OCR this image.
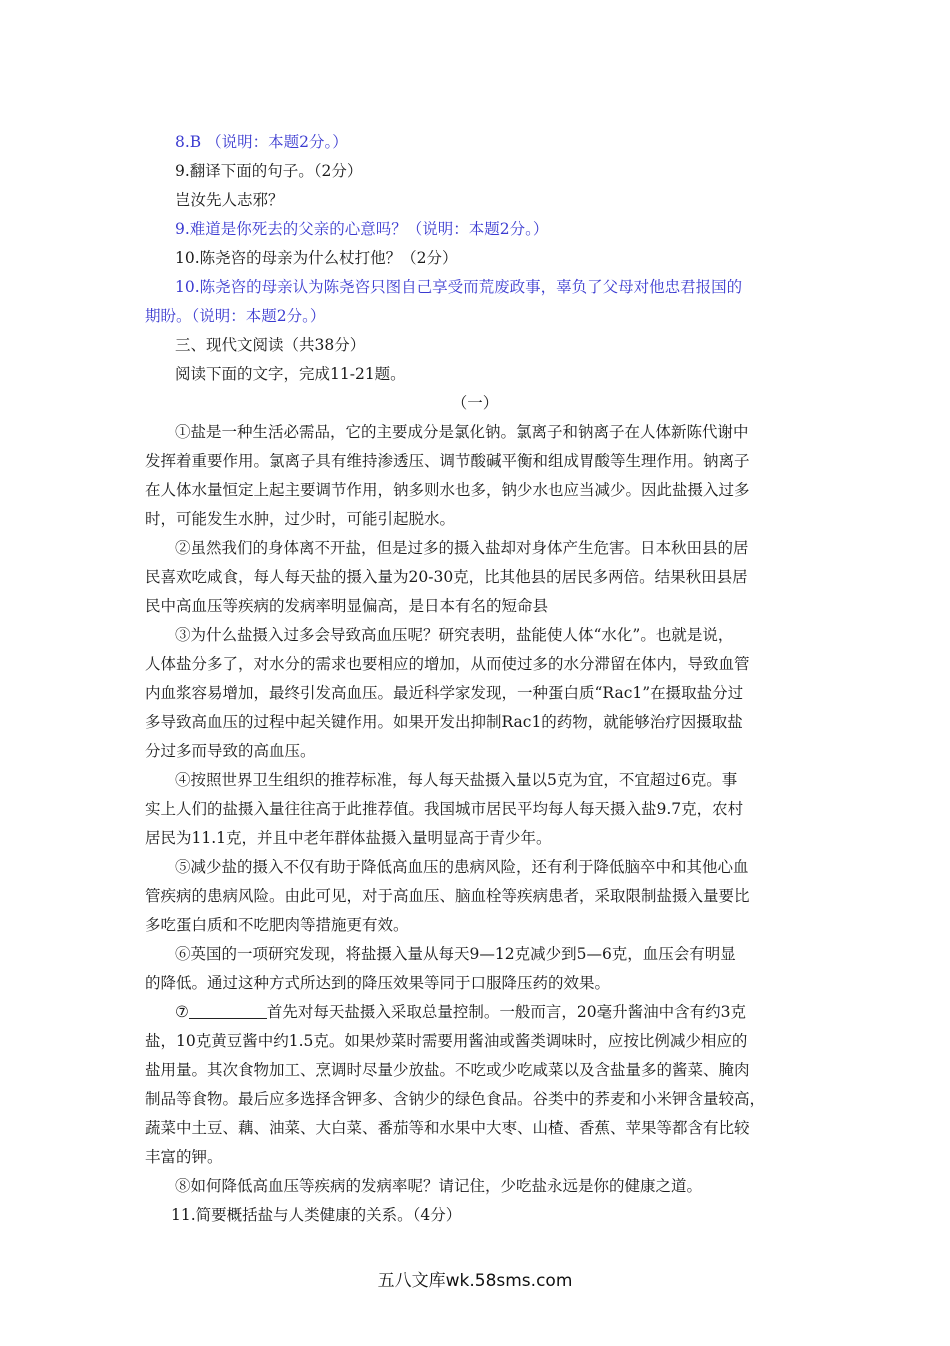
8.B （说明：本题2分。）

9.翻译下面的句子。（2分）

岂汝先人志邪？

9.难道是你死去的父亲的心意吗？（说明：本题2分。）

10.陈尧咨的母亲为什么杖打他？（2分）

10.陈尧咨的母亲认为陈尧咨只图自己享受而荒废政事，辜负了父母对他忠君报国的

期盼。（说明：本题2分。）

三、现代文阅读（共38分）

阅读下面的文字，完成11-21题。

（一）

①盐是一种生活必需品，它的主要成分是氯化钠。氯离子和钠离子在人体新陈代谢中

发挥着重要作用。氯离子具有维持渗透压、调节酸碱平衡和组成胃酸等生理作用。钠离子

在人体水量恒定上起主要调节作用，钠多则水也多，钠少水也应当减少。因此盐摄入过多

时，可能发生水肿，过少时，可能引起脱水。

②虽然我们的身体离不开盐，但是过多的摄入盐却对身体产生危害。日本秋田县的居

民喜欢吃咸食，每人每天盐的摄入量为20-30克，比其他县的居民多两倍。结果秋田县居

民中高血压等疾病的发病率明显偏高，是日本有名的短命县

③为什么盐摄入过多会导致高血压呢？研究表明，盐能使人体“水化”。也就是说，

人体盐分多了，对水分的需求也要相应的增加，从而使过多的水分滞留在体内，导致血管

内血浆容易增加，最终引发高血压。最近科学家发现，一种蛋白质“Rac1”在摄取盐分过

多导致高血压的过程中起关键作用。如果开发出抑制Rac1的药物，就能够治疗因摄取盐

分过多而导致的高血压。

④按照世界卫生组织的推荐标准，每人每天盐摄入量以5克为宜，不宜超过6克。事

实上人们的盐摄入量往往高于此推荐值。我国城市居民平均每人每天摄入盐9.7克，农村

居民为11.1克，并且中老年群体盐摄入量明显高于青少年。

⑤减少盐的摄入不仅有助于降低高血压的患病风险，还有利于降低脑卒中和其他心血

管疾病的患病风险。由此可见，对于高血压、脑血栓等疾病患者，采取限制盐摄入量要比

多吃蛋白质和不吃肥肉等措施更有效。

⑥英国的一项研究发现，将盐摄入量从每天9—12克减少到5—6克，血压会有明显

的降低。通过这种方式所达到的降压效果等同于口服降压药的效果。

⑦	首先对每天盐摄入采取总量控制。一般而言，20毫升酱油中含有约3克

盐，10克黄豆酱中约1.5克。如果炒菜时需要用酱油或酱类调味时，应按比例减少相应的

盐用量。其次食物加工、烹调时尽量少放盐。不吃或少吃咸菜以及含盐量多的酱菜、腌肉

制品等食物。最后应多选择含钾多、含钠少的绿色食品。谷类中的荞麦和小米钾含量较高，

蔬菜中土豆、藕、油菜、大白菜、番茄等和水果中大枣、山楂、香蕉、苹果等都含有比较

丰富的钾。

⑧如何降低高血压等疾病的发病率呢？请记住，少吃盐永远是你的健康之道。

11.简要概括盐与人类健康的关系。（4分）

五八文库wk.58sms.com
